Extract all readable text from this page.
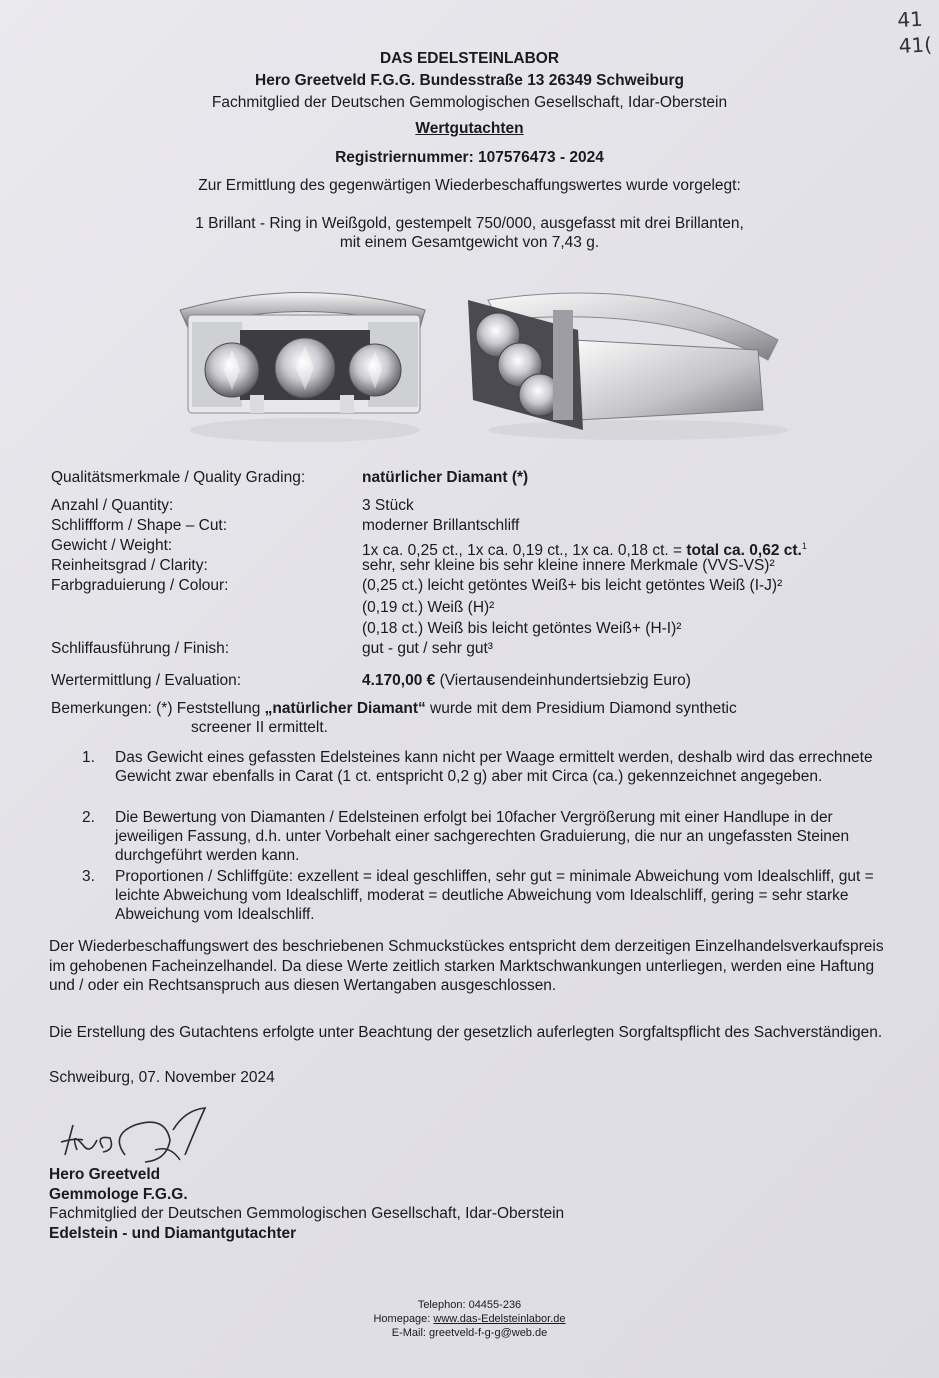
41
41(
DAS EDELSTEINLABOR
Hero Greetveld F.G.G. Bundesstraße 13 26349 Schweiburg
Fachmitglied der Deutschen Gemmologischen Gesellschaft, Idar-Oberstein
Wertgutachten
Registriernummer: 107576473 - 2024
Zur Ermittlung des gegenwärtigen Wiederbeschaffungswertes wurde vorgelegt:
1 Brillant - Ring in Weißgold, gestempelt 750/000, ausgefasst mit drei Brillanten,
mit einem Gesamtgewicht von 7,43 g.
Qualitätsmerkmale / Quality Grading:	natürlicher Diamant (*)
Anzahl / Quantity:	3 Stück
Schliffform / Shape – Cut:	moderner Brillantschliff
Gewicht / Weight:	1x ca. 0,25 ct., 1x ca. 0,19 ct., 1x ca. 0,18 ct. = total ca. 0,62 ct.$^1$
Reinheitsgrad / Clarity:	sehr, sehr kleine bis sehr kleine innere Merkmale (VVS-VS)²
Farbgraduierung / Colour:	(0,25 ct.) leicht getöntes Weiß+ bis leicht getöntes Weiß (I-J)²
(0,19 ct.) Weiß (H)²
(0,18 ct.) Weiß bis leicht getöntes Weiß+ (H-I)²
Schliffausführung / Finish:	gut - gut / sehr gut³
Wertermittlung / Evaluation:	4.170,00 € (Viertausendeinhundertsiebzig Euro)
Bemerkungen: (*) Feststellung „natürlicher Diamant“ wurde mit dem Presidium Diamond synthetic
screener II ermittelt.
1. Das Gewicht eines gefassten Edelsteines kann nicht per Waage ermittelt werden, deshalb wird das errechnete Gewicht zwar ebenfalls in Carat (1 ct. entspricht 0,2 g) aber mit Circa (ca.) gekennzeichnet angegeben.
2. Die Bewertung von Diamanten / Edelsteinen erfolgt bei 10facher Vergrößerung mit einer Handlupe in der jeweiligen Fassung, d.h. unter Vorbehalt einer sachgerechten Graduierung, die nur an ungefassten Steinen durchgeführt werden kann.
3. Proportionen / Schliffgüte: exzellent = ideal geschliffen, sehr gut = minimale Abweichung vom Idealschliff, gut = leichte Abweichung vom Idealschliff, moderat = deutliche Abweichung vom Idealschliff, gering = sehr starke Abweichung vom Idealschliff.
Der Wiederbeschaffungswert des beschriebenen Schmuckstückes entspricht dem derzeitigen Einzelhandelsverkaufspreis im gehobenen Facheinzelhandel. Da diese Werte zeitlich starken Marktschwankungen unterliegen, werden eine Haftung und / oder ein Rechtsanspruch aus diesen Wertangaben ausgeschlossen.
Die Erstellung des Gutachtens erfolgte unter Beachtung der gesetzlich auferlegten Sorgfaltspflicht des Sachverständigen.
Schweiburg, 07. November 2024
Hero Greetveld
Gemmologe F.G.G.
Fachmitglied der Deutschen Gemmologischen Gesellschaft, Idar-Oberstein
Edelstein - und Diamantgutachter
Telephon: 04455-236
Homepage: www.das-Edelsteinlabor.de
E-Mail: greetveld-f-g-g@web.de
